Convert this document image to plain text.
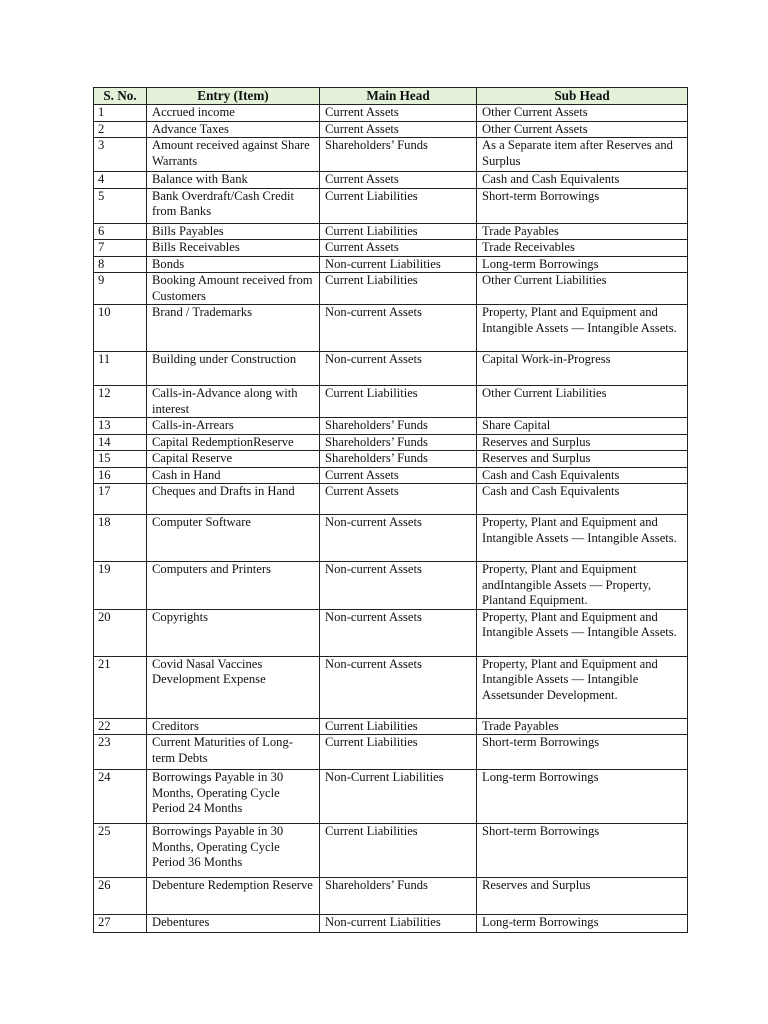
S. No.	Entry (Item)	Main Head	Sub Head
1	Accrued income	Current Assets	Other Current Assets
2	Advance Taxes	Current Assets	Other Current Assets
3	Amount received against Share Warrants	Shareholders’ Funds	As a Separate item after Reserves and Surplus
4	Balance with Bank	Current Assets	Cash and Cash Equivalents
5	Bank Overdraft/Cash Credit from Banks	Current Liabilities	Short-term Borrowings
6	Bills Payables	Current Liabilities	Trade Payables
7	Bills Receivables	Current Assets	Trade Receivables
8	Bonds	Non-current Liabilities	Long-term Borrowings
9	Booking Amount received from Customers	Current Liabilities	Other Current Liabilities
10	Brand / Trademarks	Non-current Assets	Property, Plant and Equipment and Intangible Assets — Intangible Assets.
11	Building under Construction	Non-current Assets	Capital Work-in-Progress
12	Calls-in-Advance along with interest	Current Liabilities	Other Current Liabilities
13	Calls-in-Arrears	Shareholders’ Funds	Share Capital
14	Capital RedemptionReserve	Shareholders’ Funds	Reserves and Surplus
15	Capital Reserve	Shareholders’ Funds	Reserves and Surplus
16	Cash in Hand	Current Assets	Cash and Cash Equivalents
17	Cheques and Drafts in Hand	Current Assets	Cash and Cash Equivalents
18	Computer Software	Non-current Assets	Property, Plant and Equipment and Intangible Assets — Intangible Assets.
19	Computers and Printers	Non-current Assets	Property, Plant and Equipment andIntangible Assets — Property, Plantand Equipment.
20	Copyrights	Non-current Assets	Property, Plant and Equipment and Intangible Assets — Intangible Assets.
21	Covid Nasal Vaccines Development Expense	Non-current Assets	Property, Plant and Equipment and Intangible Assets — Intangible Assetsunder Development.
22	Creditors	Current Liabilities	Trade Payables
23	Current Maturities of Long-term Debts	Current Liabilities	Short-term Borrowings
24	Borrowings Payable in 30 Months, Operating Cycle Period 24 Months	Non-Current Liabilities	Long-term Borrowings
25	Borrowings Payable in 30 Months, Operating Cycle Period 36 Months	Current Liabilities	Short-term Borrowings
26	Debenture Redemption Reserve	Shareholders’ Funds	Reserves and Surplus
27	Debentures	Non-current Liabilities	Long-term Borrowings
